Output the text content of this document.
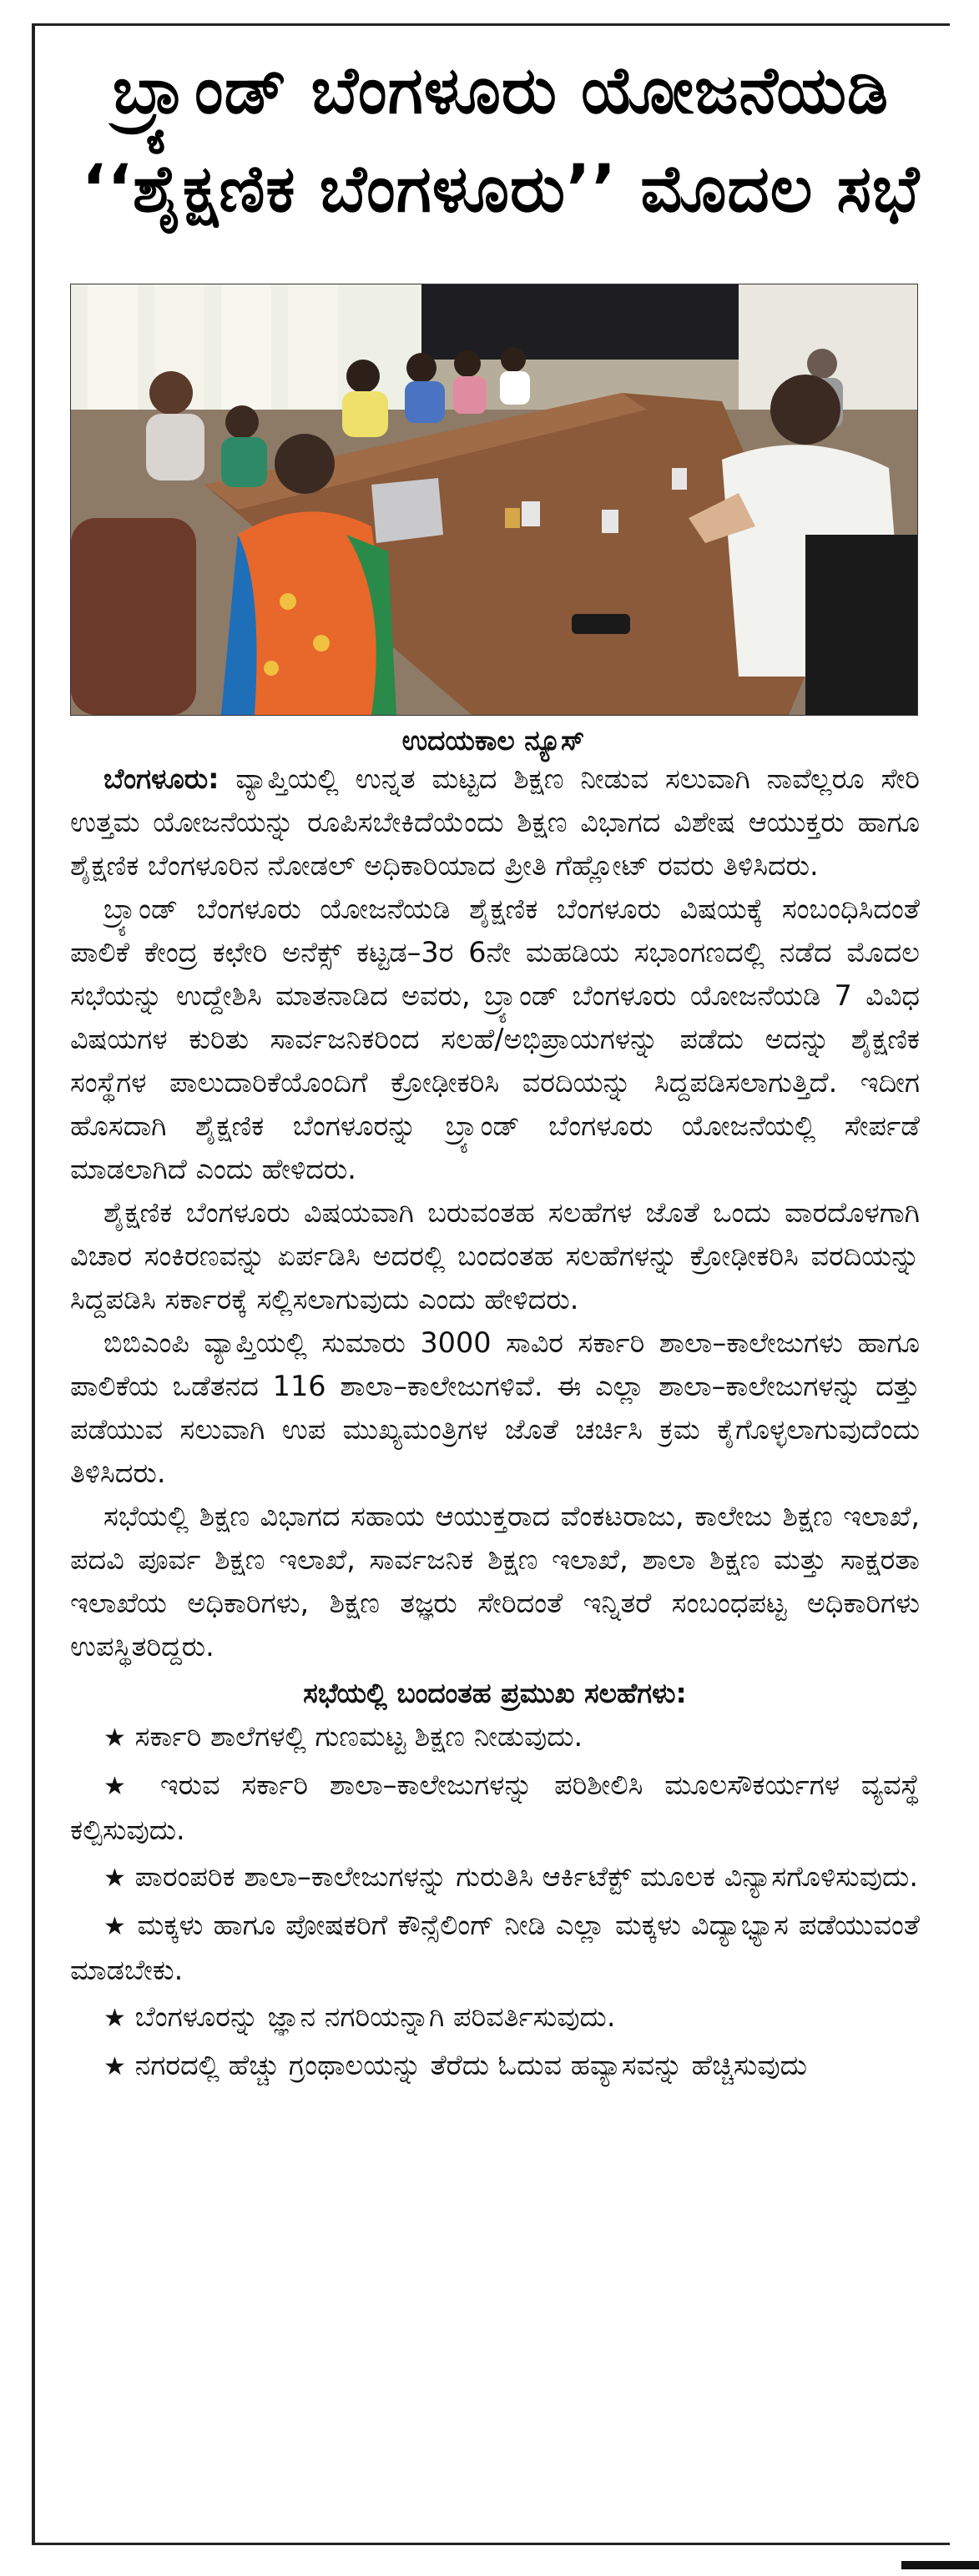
ಬ್ರ್ಯಾಂಡ್ ಬೆಂಗಳೂರು ಯೋಜನೆಯಡಿ
‘‘ಶೈಕ್ಷಣಿಕ ಬೆಂಗಳೂರು’’ ಮೊದಲ ಸಭೆ
ಉದಯಕಾಲ ನ್ಯೂಸ್

ಬೆಂಗಳೂರು: ವ್ಯಾಪ್ತಿಯಲ್ಲಿ ಉನ್ನತ ಮಟ್ಟದ ಶಿಕ್ಷಣ ನೀಡುವ ಸಲುವಾಗಿ ನಾವೆಲ್ಲರೂ ಸೇರಿ ಉತ್ತಮ ಯೋಜನೆಯನ್ನು ರೂಪಿಸಬೇಕಿದೆಯೆಂದು ಶಿಕ್ಷಣ ವಿಭಾಗದ ವಿಶೇಷ ಆಯುಕ್ತರು ಹಾಗೂ ಶೈಕ್ಷಣಿಕ ಬೆಂಗಳೂರಿನ ನೋಡಲ್ ಅಧಿಕಾರಿಯಾದ ಪ್ರೀತಿ ಗೆಹ್ಲೋಟ್ ರವರು ತಿಳಿಸಿದರು.

ಬ್ರ್ಯಾಂಡ್ ಬೆಂಗಳೂರು ಯೋಜನೆಯಡಿ ಶೈಕ್ಷಣಿಕ ಬೆಂಗಳೂರು ವಿಷಯಕ್ಕೆ ಸಂಬಂಧಿಸಿದಂತೆ ಪಾಲಿಕೆ ಕೇಂದ್ರ ಕಛೇರಿ ಅನೆಕ್ಸ್ ಕಟ್ಟಡ–3ರ 6ನೇ ಮಹಡಿಯ ಸಭಾಂಗಣದಲ್ಲಿ ನಡೆದ ಮೊದಲ ಸಭೆಯನ್ನು ಉದ್ದೇಶಿಸಿ ಮಾತನಾಡಿದ ಅವರು, ಬ್ರ್ಯಾಂಡ್ ಬೆಂಗಳೂರು ಯೋಜನೆಯಡಿ 7 ವಿವಿಧ ವಿಷಯಗಳ ಕುರಿತು ಸಾರ್ವಜನಿಕರಿಂದ ಸಲಹೆ/ಅಭಿಪ್ರಾಯಗಳನ್ನು ಪಡೆದು ಅದನ್ನು ಶೈಕ್ಷಣಿಕ ಸಂಸ್ಥೆಗಳ ಪಾಲುದಾರಿಕೆಯೊಂದಿಗೆ ಕ್ರೋಢೀಕರಿಸಿ ವರದಿಯನ್ನು ಸಿದ್ದಪಡಿಸಲಾಗುತ್ತಿದೆ. ಇದೀಗ ಹೊಸದಾಗಿ ಶೈಕ್ಷಣಿಕ ಬೆಂಗಳೂರನ್ನು ಬ್ರ್ಯಾಂಡ್ ಬೆಂಗಳೂರು ಯೋಜನೆಯಲ್ಲಿ ಸೇರ್ಪಡೆ ಮಾಡಲಾಗಿದೆ ಎಂದು ಹೇಳಿದರು.

ಶೈಕ್ಷಣಿಕ ಬೆಂಗಳೂರು ವಿಷಯವಾಗಿ ಬರುವಂತಹ ಸಲಹೆಗಳ ಜೊತೆ ಒಂದು ವಾರದೊಳಗಾಗಿ ವಿಚಾರ ಸಂಕಿರಣವನ್ನು ಏರ್ಪಡಿಸಿ ಅದರಲ್ಲಿ ಬಂದಂತಹ ಸಲಹೆಗಳನ್ನು ಕ್ರೋಢೀಕರಿಸಿ ವರದಿಯನ್ನು ಸಿದ್ದಪಡಿಸಿ ಸರ್ಕಾರಕ್ಕೆ ಸಲ್ಲಿಸಲಾಗುವುದು ಎಂದು ಹೇಳಿದರು.

ಬಿಬಿಎಂಪಿ ವ್ಯಾಪ್ತಿಯಲ್ಲಿ ಸುಮಾರು 3000 ಸಾವಿರ ಸರ್ಕಾರಿ ಶಾಲಾ–ಕಾಲೇಜುಗಳು ಹಾಗೂ ಪಾಲಿಕೆಯ ಒಡೆತನದ 116 ಶಾಲಾ–ಕಾಲೇಜುಗಳಿವೆ. ಈ ಎಲ್ಲಾ ಶಾಲಾ–ಕಾಲೇಜುಗಳನ್ನು ದತ್ತು ಪಡೆಯುವ ಸಲುವಾಗಿ ಉಪ ಮುಖ್ಯಮಂತ್ರಿಗಳ ಜೊತೆ ಚರ್ಚಿಸಿ ಕ್ರಮ ಕೈಗೊಳ್ಳಲಾಗುವುದೆಂದು ತಿಳಿಸಿದರು.

ಸಭೆಯಲ್ಲಿ ಶಿಕ್ಷಣ ವಿಭಾಗದ ಸಹಾಯ ಆಯುಕ್ತರಾದ ವೆಂಕಟರಾಜು, ಕಾಲೇಜು ಶಿಕ್ಷಣ ಇಲಾಖೆ, ಪದವಿ ಪೂರ್ವ ಶಿಕ್ಷಣ ಇಲಾಖೆ, ಸಾರ್ವಜನಿಕ ಶಿಕ್ಷಣ ಇಲಾಖೆ, ಶಾಲಾ ಶಿಕ್ಷಣ ಮತ್ತು ಸಾಕ್ಷರತಾ ಇಲಾಖೆಯ ಅಧಿಕಾರಿಗಳು, ಶಿಕ್ಷಣ ತಜ್ಞರು ಸೇರಿದಂತೆ ಇನ್ನಿತರೆ ಸಂಬಂಧಪಟ್ಟ ಅಧಿಕಾರಿಗಳು ಉಪಸ್ಥಿತರಿದ್ದರು.

ಸಭೆಯಲ್ಲಿ ಬಂದಂತಹ ಪ್ರಮುಖ ಸಲಹೆಗಳು:
★ ಸರ್ಕಾರಿ ಶಾಲೆಗಳಲ್ಲಿ ಗುಣಮಟ್ಟ ಶಿಕ್ಷಣ ನೀಡುವುದು.
★ ಇರುವ ಸರ್ಕಾರಿ ಶಾಲಾ–ಕಾಲೇಜುಗಳನ್ನು ಪರಿಶೀಲಿಸಿ ಮೂಲಸೌಕರ್ಯಗಳ ವ್ಯವಸ್ಥೆ ಕಲ್ಪಿಸುವುದು.
★ ಪಾರಂಪರಿಕ ಶಾಲಾ–ಕಾಲೇಜುಗಳನ್ನು ಗುರುತಿಸಿ ಆರ್ಕಿಟೆಕ್ಟ್ ಮೂಲಕ ವಿನ್ಯಾಸಗೊಳಿಸುವುದು.
★ ಮಕ್ಕಳು ಹಾಗೂ ಪೋಷಕರಿಗೆ ಕೌನ್ಸೆಲಿಂಗ್ ನೀಡಿ ಎಲ್ಲಾ ಮಕ್ಕಳು ವಿದ್ಯಾಭ್ಯಾಸ ಪಡೆಯುವಂತೆ ಮಾಡಬೇಕು.
★ ಬೆಂಗಳೂರನ್ನು ಜ್ಞಾನ ನಗರಿಯನ್ನಾಗಿ ಪರಿವರ್ತಿಸುವುದು.
★ ನಗರದಲ್ಲಿ ಹೆಚ್ಚು ಗ್ರಂಥಾಲಯನ್ನು ತೆರೆದು ಓದುವ ಹವ್ಯಾಸವನ್ನು ಹೆಚ್ಚಿಸುವುದು
